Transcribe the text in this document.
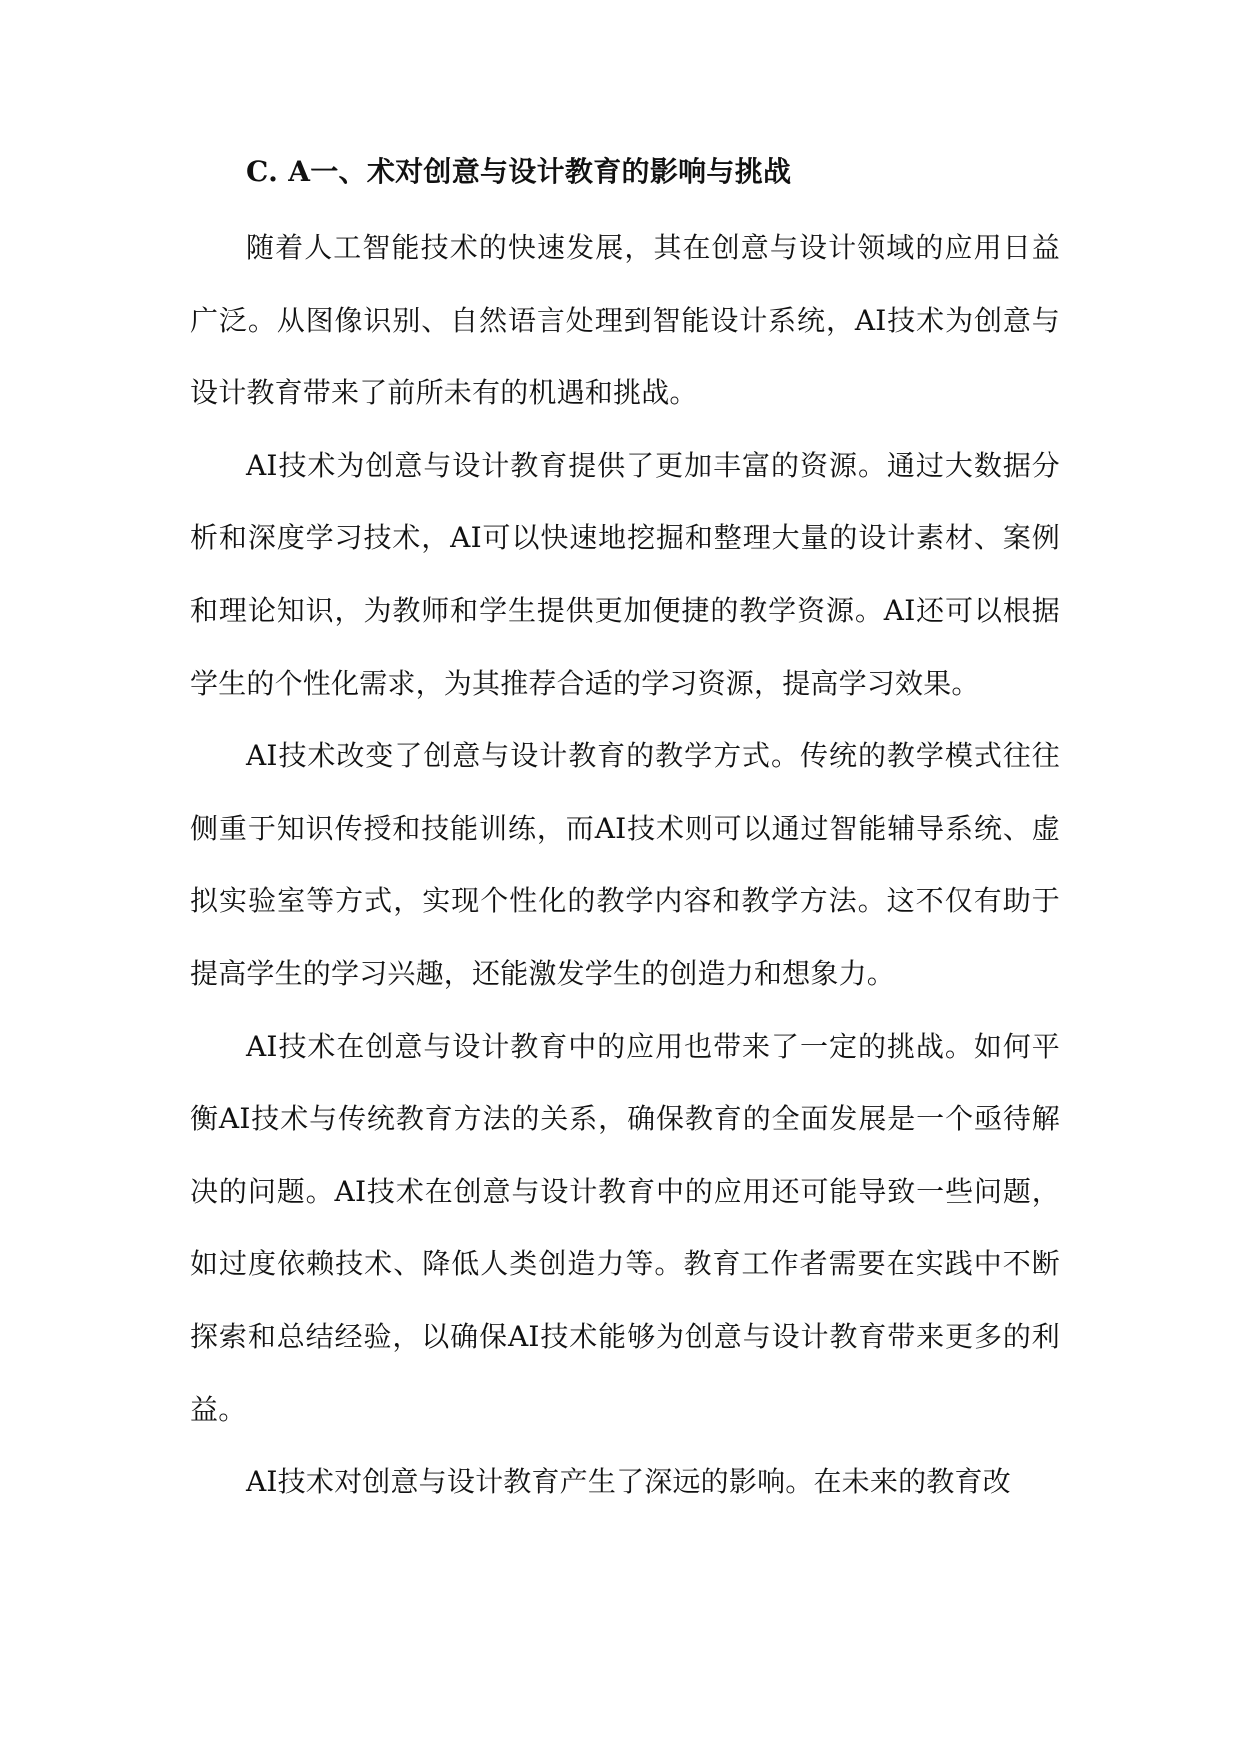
C. A一、术对创意与设计教育的影响与挑战

随着人工智能技术的快速发展，其在创意与设计领域的应用日益广泛。从图像识别、自然语言处理到智能设计系统，AI技术为创意与设计教育带来了前所未有的机遇和挑战。

AI技术为创意与设计教育提供了更加丰富的资源。通过大数据分析和深度学习技术，AI可以快速地挖掘和整理大量的设计素材、案例和理论知识，为教师和学生提供更加便捷的教学资源。AI还可以根据学生的个性化需求，为其推荐合适的学习资源，提高学习效果。

AI技术改变了创意与设计教育的教学方式。传统的教学模式往往侧重于知识传授和技能训练，而AI技术则可以通过智能辅导系统、虚拟实验室等方式，实现个性化的教学内容和教学方法。这不仅有助于提高学生的学习兴趣，还能激发学生的创造力和想象力。

AI技术在创意与设计教育中的应用也带来了一定的挑战。如何平衡AI技术与传统教育方法的关系，确保教育的全面发展是一个亟待解决的问题。AI技术在创意与设计教育中的应用还可能导致一些问题，如过度依赖技术、降低人类创造力等。教育工作者需要在实践中不断探索和总结经验，以确保AI技术能够为创意与设计教育带来更多的利益。

AI技术对创意与设计教育产生了深远的影响。在未来的教育改
